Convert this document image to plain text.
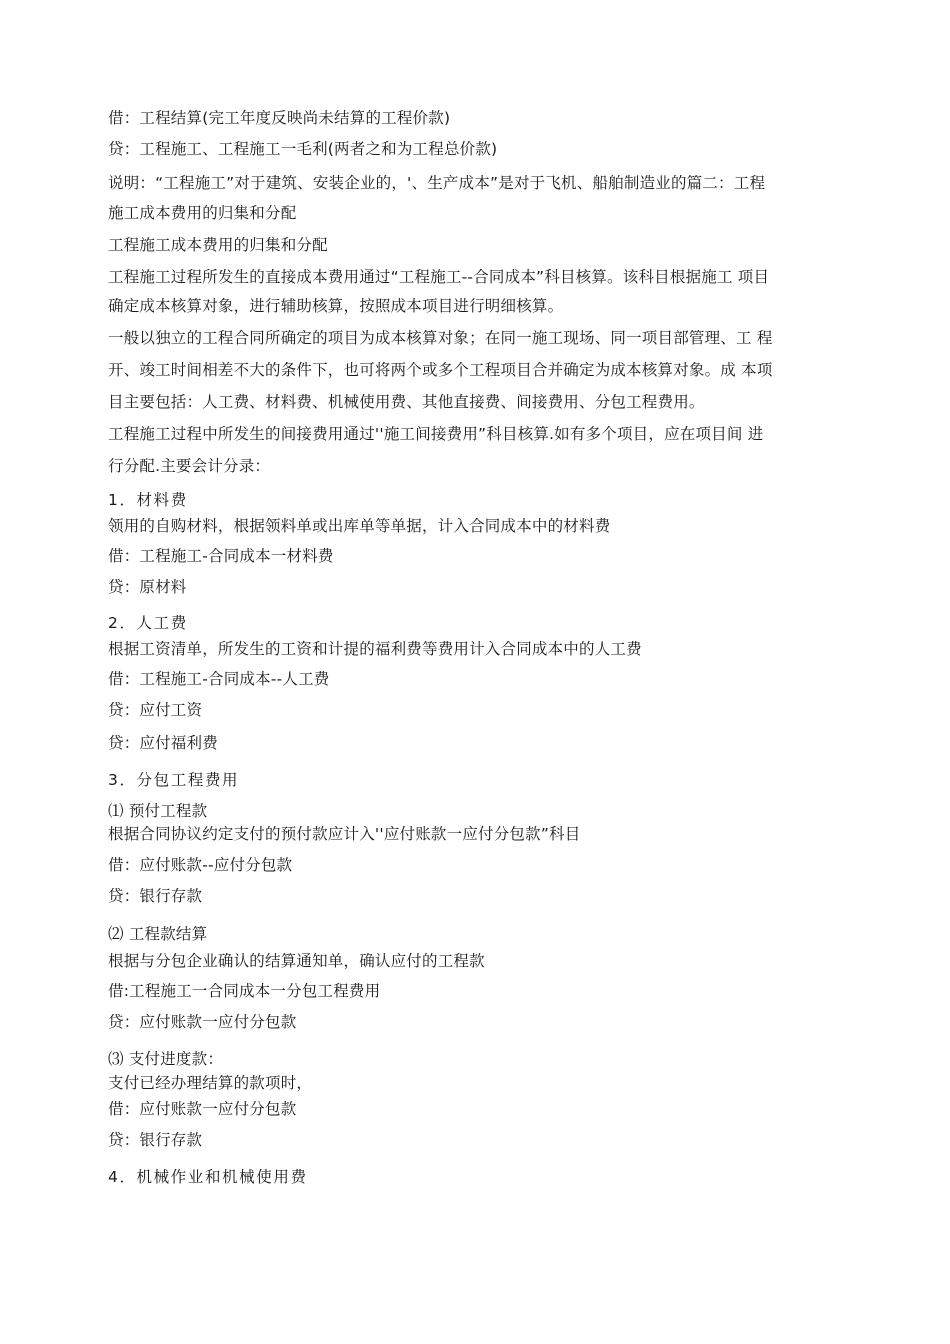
借：工程结算(完工年度反映尚未结算的工程价款)
贷：工程施工、工程施工一毛利(两者之和为工程总价款)
说明：“工程施工”对于建筑、安装企业的，'、生产成本”是对于飞机、船舶制造业的篇二：工程
施工成本费用的归集和分配
工程施工成本费用的归集和分配
工程施工过程所发生的直接成本费用通过“工程施工--合同成本”科目核算。该科目根据施工 项目
确定成本核算对象，进行辅助核算，按照成本项目进行明细核算。
一般以独立的工程合同所确定的项目为成本核算对象；在同一施工现场、同一项目部管理、工 程
开、竣工时间相差不大的条件下，也可将两个或多个工程项目合并确定为成本核算对象。成 本项
目主要包括：人工费、材料费、机械使用费、其他直接费、间接费用、分包工程费用。
工程施工过程中所发生的间接费用通过''施工间接费用”科目核算.如有多个项目，应在项目间 进
行分配.主要会计分录：
1．材料费
领用的自购材料，根据领料单或出库单等单据，计入合同成本中的材料费
借：工程施工-合同成本一材料费
贷：原材料
2．人工费
根据工资清单，所发生的工资和计提的福利费等费用计入合同成本中的人工费
借：工程施工-合同成本--人工费
贷：应付工资
贷：应付福利费
3．分包工程费用
⑴ 预付工程款
根据合同协议约定支付的预付款应计入''应付账款一应付分包款”科目
借：应付账款--应付分包款
贷：银行存款
⑵ 工程款结算
根据与分包企业确认的结算通知单，确认应付的工程款
借:工程施工一合同成本一分包工程费用
贷：应付账款一应付分包款
⑶ 支付进度款：
支付已经办理结算的款项时，
借：应付账款一应付分包款
贷：银行存款
4．机械作业和机械使用费
